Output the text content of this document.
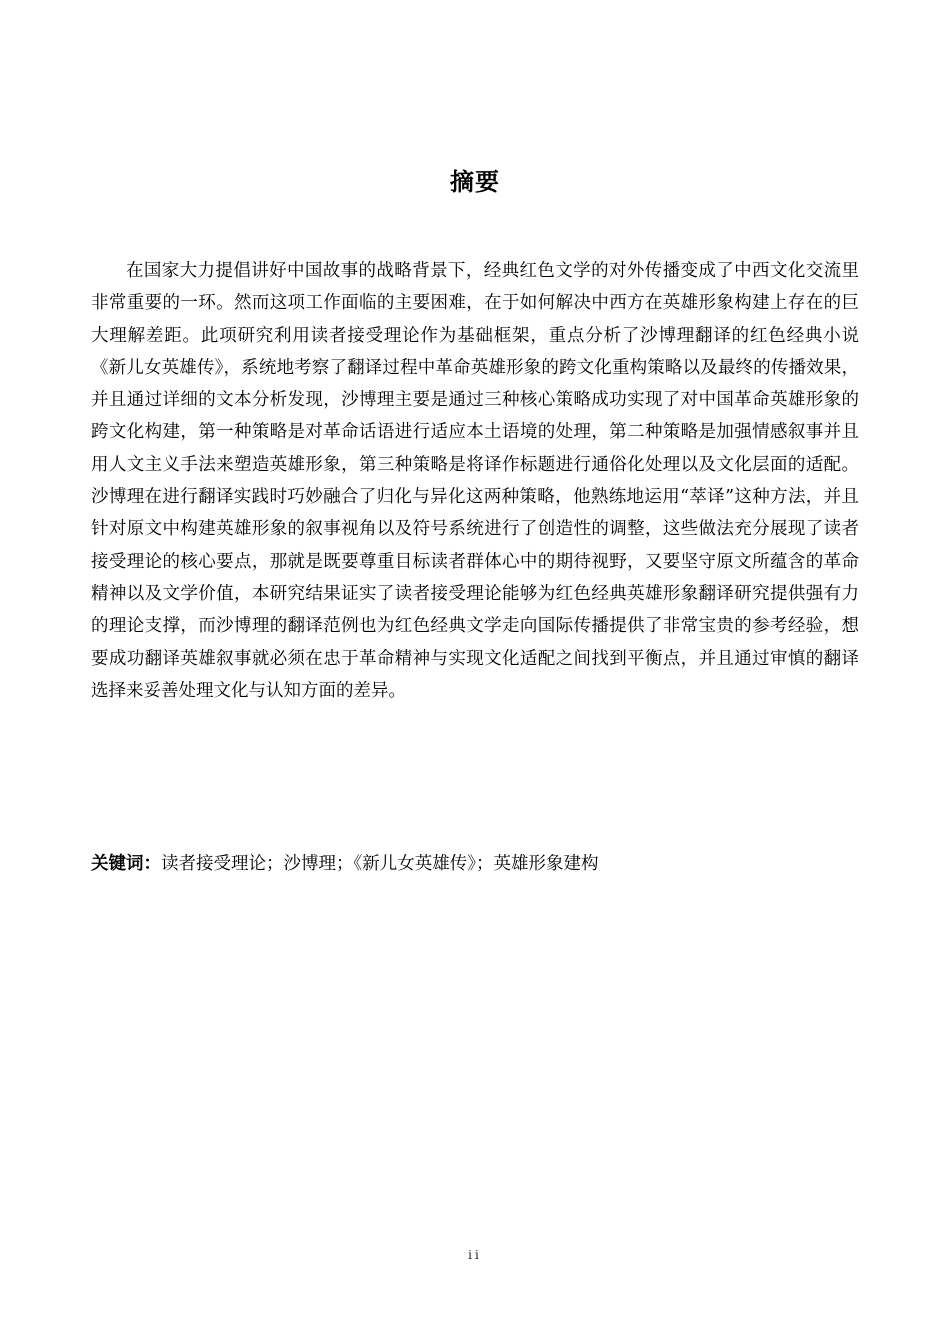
摘要

在国家大力提倡讲好中国故事的战略背景下，经典红色文学的对外传播变成了中西文化交流里非常重要的一环。然而这项工作面临的主要困难，在于如何解决中西方在英雄形象构建上存在的巨大理解差距。此项研究利用读者接受理论作为基础框架，重点分析了沙博理翻译的红色经典小说《新儿女英雄传》，系统地考察了翻译过程中革命英雄形象的跨文化重构策略以及最终的传播效果，并且通过详细的文本分析发现，沙博理主要是通过三种核心策略成功实现了对中国革命英雄形象的跨文化构建，第一种策略是对革命话语进行适应本土语境的处理，第二种策略是加强情感叙事并且用人文主义手法来塑造英雄形象，第三种策略是将译作标题进行通俗化处理以及文化层面的适配。沙博理在进行翻译实践时巧妙融合了归化与异化这两种策略，他熟练地运用“萃译”这种方法，并且针对原文中构建英雄形象的叙事视角以及符号系统进行了创造性的调整，这些做法充分展现了读者接受理论的核心要点，那就是既要尊重目标读者群体心中的期待视野，又要坚守原文所蕴含的革命精神以及文学价值，本研究结果证实了读者接受理论能够为红色经典英雄形象翻译研究提供强有力的理论支撑，而沙博理的翻译范例也为红色经典文学走向国际传播提供了非常宝贵的参考经验，想要成功翻译英雄叙事就必须在忠于革命精神与实现文化适配之间找到平衡点，并且通过审慎的翻译选择来妥善处理文化与认知方面的差异。

关键词：读者接受理论；沙博理；《新儿女英雄传》；英雄形象建构

ii
